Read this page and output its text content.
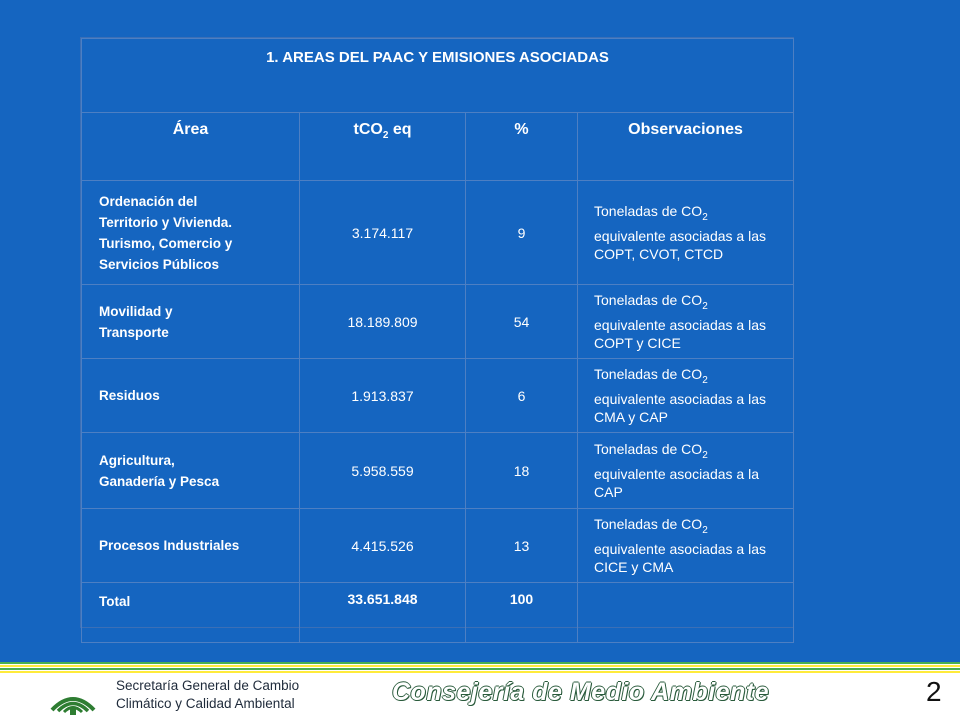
1. AREAS DEL PAAC Y EMISIONES ASOCIADAS			
Área	tCO$_2$ eq	%	Observaciones

Ordenación del
Territorio y Vivienda.
Turismo, Comercio y
Servicios Públicos	3.174.117	9	Toneladas de $CO_2$ equivalente asociadas a las COPT, CVOT, CTCD

Movilidad y
Transporte	18.189.809	54	Toneladas de $CO_2$ equivalente asociadas a las COPT y CICE

Residuos	1.913.837	6	Toneladas de $CO_2$ equivalente asociadas a las CMA y CAP

Agricultura,
Ganadería y Pesca	5.958.559	18	Toneladas de $CO_2$ equivalente asociadas a la CAP

Procesos Industriales	4.415.526	13	Toneladas de $CO_2$ equivalente asociadas a las CICE y CMA
Total	33.651.848	100	
Secretaría General de Cambio
Climático y Calidad Ambiental	Consejería de Medio Ambiente	2
